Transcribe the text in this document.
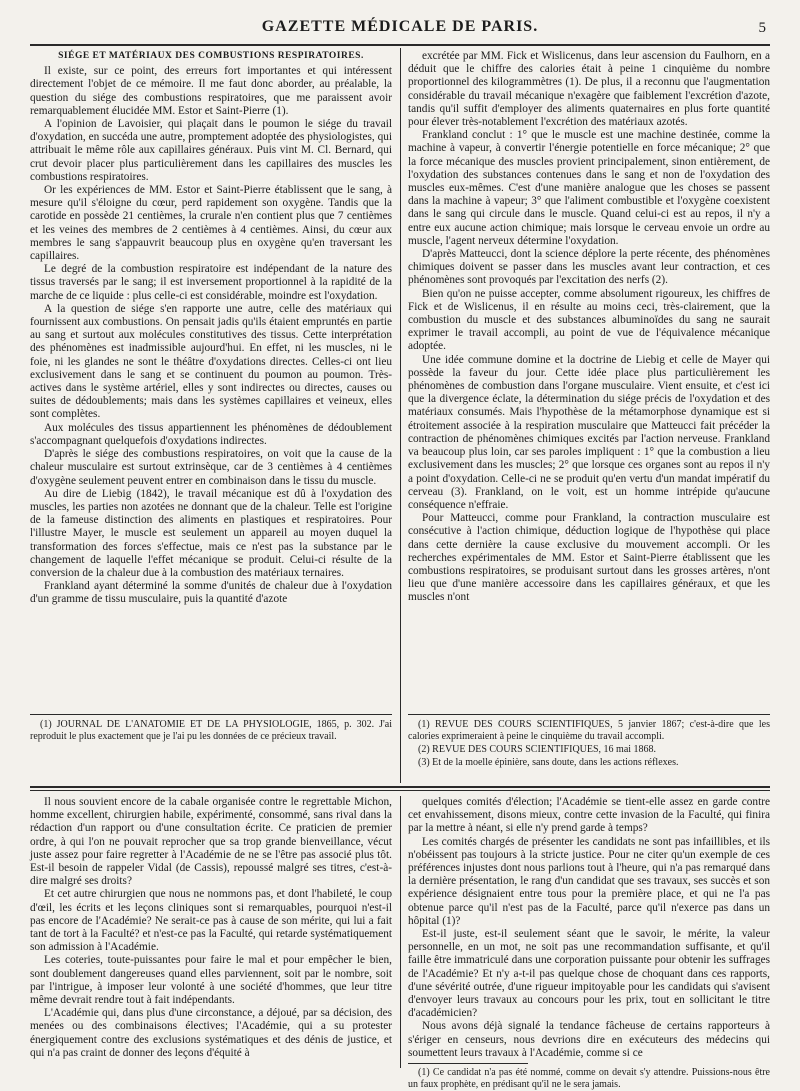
GAZETTE MÉDICALE DE PARIS.	5
SIÉGE ET MATÉRIAUX DES COMBUSTIONS RESPIRATOIRES.

Il existe, sur ce point, des erreurs fort importantes et qui intéressent directement l'objet de ce mémoire. Il me faut donc aborder, au préalable, la question du siége des combustions respiratoires, que me paraissent avoir remarquablement élucidée MM. Estor et Saint-Pierre (1).

A l'opinion de Lavoisier, qui plaçait dans le poumon le siége du travail d'oxydation, en succéda une autre, promptement adoptée des physiologistes, qui attribuait le même rôle aux capillaires généraux. Puis vint M. Cl. Bernard, qui crut devoir placer plus particulièrement dans les capillaires des muscles les combustions respiratoires.

Or les expériences de MM. Estor et Saint-Pierre établissent que le sang, à mesure qu'il s'éloigne du cœur, perd rapidement son oxygène. Tandis que la carotide en possède 21 centièmes, la crurale n'en contient plus que 7 centièmes et les veines des membres de 2 centièmes à 4 centièmes. Ainsi, du cœur aux membres le sang s'appauvrit beaucoup plus en oxygène qu'en traversant les capillaires.

Le degré de la combustion respiratoire est indépendant de la nature des tissus traversés par le sang; il est inversement proportionnel à la rapidité de la marche de ce liquide : plus celle-ci est considérable, moindre est l'oxydation.

A la question de siége s'en rapporte une autre, celle des matériaux qui fournissent aux combustions. On pensait jadis qu'ils étaient empruntés en partie au sang et surtout aux molécules constitutives des tissus. Cette interprétation des phénomènes est inadmissible aujourd'hui. En effet, ni les muscles, ni le foie, ni les glandes ne sont le théâtre d'oxydations directes. Celles-ci ont lieu exclusivement dans le sang et se continuent du poumon au poumon. Très-actives dans le système artériel, elles y sont indirectes ou directes, causes ou suites de dédoublements; mais dans les systèmes capillaires et veineux, elles sont complètes.

Aux molécules des tissus appartiennent les phénomènes de dédoublement s'accompagnant quelquefois d'oxydations indirectes.

D'après le siége des combustions respiratoires, on voit que la cause de la chaleur musculaire est surtout extrinsèque, car de 3 centièmes à 4 centièmes d'oxygène seulement peuvent entrer en combinaison dans le tissu du muscle.

Au dire de Liebig (1842), le travail mécanique est dû à l'oxydation des muscles, les parties non azotées ne donnant que de la chaleur. Telle est l'origine de la fameuse distinction des aliments en plastiques et respiratoires. Pour l'illustre Mayer, le muscle est seulement un appareil au moyen duquel la transformation des forces s'effectue, mais ce n'est pas la substance par le changement de laquelle l'effet mécanique se produit. Celui-ci résulte de la conversion de la chaleur due à la combustion des matériaux ternaires.

Frankland ayant déterminé la somme d'unités de chaleur due à l'oxydation d'un gramme de tissu musculaire, puis la quantité d'azote

excrétée par MM. Fick et Wislicenus, dans leur ascension du Faulhorn, en a déduit que le chiffre des calories était à peine 1 cinquième du nombre proportionnel des kilogrammètres (1). De plus, il a reconnu que l'augmentation considérable du travail mécanique n'exagère que faiblement l'excrétion d'azote, tandis qu'il suffit d'employer des aliments quaternaires en plus forte quantité pour élever très-notablement l'excrétion des matériaux azotés.

Frankland conclut : 1° que le muscle est une machine destinée, comme la machine à vapeur, à convertir l'énergie potentielle en force mécanique; 2° que la force mécanique des muscles provient principalement, sinon entièrement, de l'oxydation des substances contenues dans le sang et non de l'oxydation des muscles eux-mêmes. C'est d'une manière analogue que les choses se passent dans la machine à vapeur; 3° que l'aliment combustible et l'oxygène coexistent dans le sang qui circule dans le muscle. Quand celui-ci est au repos, il n'y a entre eux aucune action chimique; mais lorsque le cerveau envoie un ordre au muscle, l'agent nerveux détermine l'oxydation.

D'après Matteucci, dont la science déplore la perte récente, des phénomènes chimiques doivent se passer dans les muscles avant leur contraction, et ces phénomènes sont provoqués par l'excitation des nerfs (2).

Bien qu'on ne puisse accepter, comme absolument rigoureux, les chiffres de Fick et de Wislicenus, il en résulte au moins ceci, très-clairement, que la combustion du muscle et des substances albuminoïdes du sang ne saurait exprimer le travail accompli, au point de vue de l'équivalence mécanique adoptée.

Une idée commune domine et la doctrine de Liebig et celle de Mayer qui possède la faveur du jour. Cette idée place plus particulièrement les phénomènes de combustion dans l'organe musculaire. Vient ensuite, et c'est ici que la divergence éclate, la détermination du siége précis de l'oxydation et des matériaux consumés. Mais l'hypothèse de la métamorphose dynamique est si étroitement associée à la respiration musculaire que Matteucci fait précéder la contraction de phénomènes chimiques excités par l'action nerveuse. Frankland va beaucoup plus loin, car ses paroles impliquent : 1° que la combustion a lieu exclusivement dans les muscles; 2° que lorsque ces organes sont au repos il n'y a point d'oxydation. Celle-ci ne se produit qu'en vertu d'un mandat impératif du cerveau (3). Frankland, on le voit, est un homme intrépide qu'aucune conséquence n'effraie.

Pour Matteucci, comme pour Frankland, la contraction musculaire est consécutive à l'action chimique, déduction logique de l'hypothèse qui place dans cette dernière la cause exclusive du mouvement accompli. Or les recherches expérimentales de MM. Estor et Saint-Pierre établissent que les combustions respiratoires, se produisant surtout dans les grosses artères, n'ont lieu que d'une manière accessoire dans les capillaires généraux, et que les muscles n'ont

(1) JOURNAL DE L'ANATOMIE ET DE LA PHYSIOLOGIE, 1865, p. 302. J'ai reproduit le plus exactement que je l'ai pu les données de ce précieux travail.

(1) REVUE DES COURS SCIENTIFIQUES, 5 janvier 1867; c'est-à-dire que les calories exprimeraient à peine le cinquième du travail accompli.

(2) REVUE DES COURS SCIENTIFIQUES, 16 mai 1868.

(3) Et de la moelle épinière, sans doute, dans les actions réflexes.

Il nous souvient encore de la cabale organisée contre le regrettable Michon, homme excellent, chirurgien habile, expérimenté, consommé, sans rival dans la rédaction d'un rapport ou d'une consultation écrite. Ce praticien de premier ordre, à qui l'on ne pouvait reprocher que sa trop grande bienveillance, vécut juste assez pour faire regretter à l'Académie de ne se l'être pas associé plus tôt. Est-il besoin de rappeler Vidal (de Cassis), repoussé malgré ses titres, c'est-à-dire malgré ses droits?

Et cet autre chirurgien que nous ne nommons pas, et dont l'habileté, le coup d'œil, les écrits et les leçons cliniques sont si remarquables, pourquoi n'est-il pas encore de l'Académie? Ne serait-ce pas à cause de son mérite, qui lui a fait tant de tort à la Faculté? et n'est-ce pas la Faculté, qui retarde systématiquement son admission à l'Académie.

Les coteries, toute-puissantes pour faire le mal et pour empêcher le bien, sont doublement dangereuses quand elles parviennent, soit par le nombre, soit par l'intrigue, à imposer leur volonté à une société d'hommes, que leur titre même devrait rendre tout à fait indépendants.

L'Académie qui, dans plus d'une circonstance, a déjoué, par sa décision, des menées ou des combinaisons électives; l'Académie, qui a su protester énergiquement contre des exclusions systématiques et des dénis de justice, et qui n'a pas craint de donner des leçons d'équité à

quelques comités d'élection; l'Académie se tient-elle assez en garde contre cet envahissement, disons mieux, contre cette invasion de la Faculté, qui finira par la mettre à néant, si elle n'y prend garde à temps?

Les comités chargés de présenter les candidats ne sont pas infaillibles, et ils n'obéissent pas toujours à la stricte justice. Pour ne citer qu'un exemple de ces préférences injustes dont nous parlions tout à l'heure, qui n'a pas remarqué dans la dernière présentation, le rang d'un candidat que ses travaux, ses succès et son expérience désignaient entre tous pour la première place, et qui ne l'a pas obtenue parce qu'il n'est pas de la Faculté, parce qu'il n'exerce pas dans un hôpital (1)?

Est-il juste, est-il seulement séant que le savoir, le mérite, la valeur personnelle, en un mot, ne soit pas une recommandation suffisante, et qu'il faille être immatriculé dans une corporation puissante pour obtenir les suffrages de l'Académie? Et n'y a-t-il pas quelque chose de choquant dans ces rapports, d'une sévérité outrée, d'une rigueur impitoyable pour les candidats qui s'avisent d'envoyer leurs travaux au concours pour les prix, tout en sollicitant le titre d'académicien?

Nous avons déjà signalé la tendance fâcheuse de certains rapporteurs à s'ériger en censeurs, nous devrions dire en exécuteurs des médecins qui soumettent leurs travaux à l'Académie, comme si ce

(1) Ce candidat n'a pas été nommé, comme on devait s'y attendre. Puissions-nous être un faux prophète, en prédisant qu'il ne le sera jamais.
